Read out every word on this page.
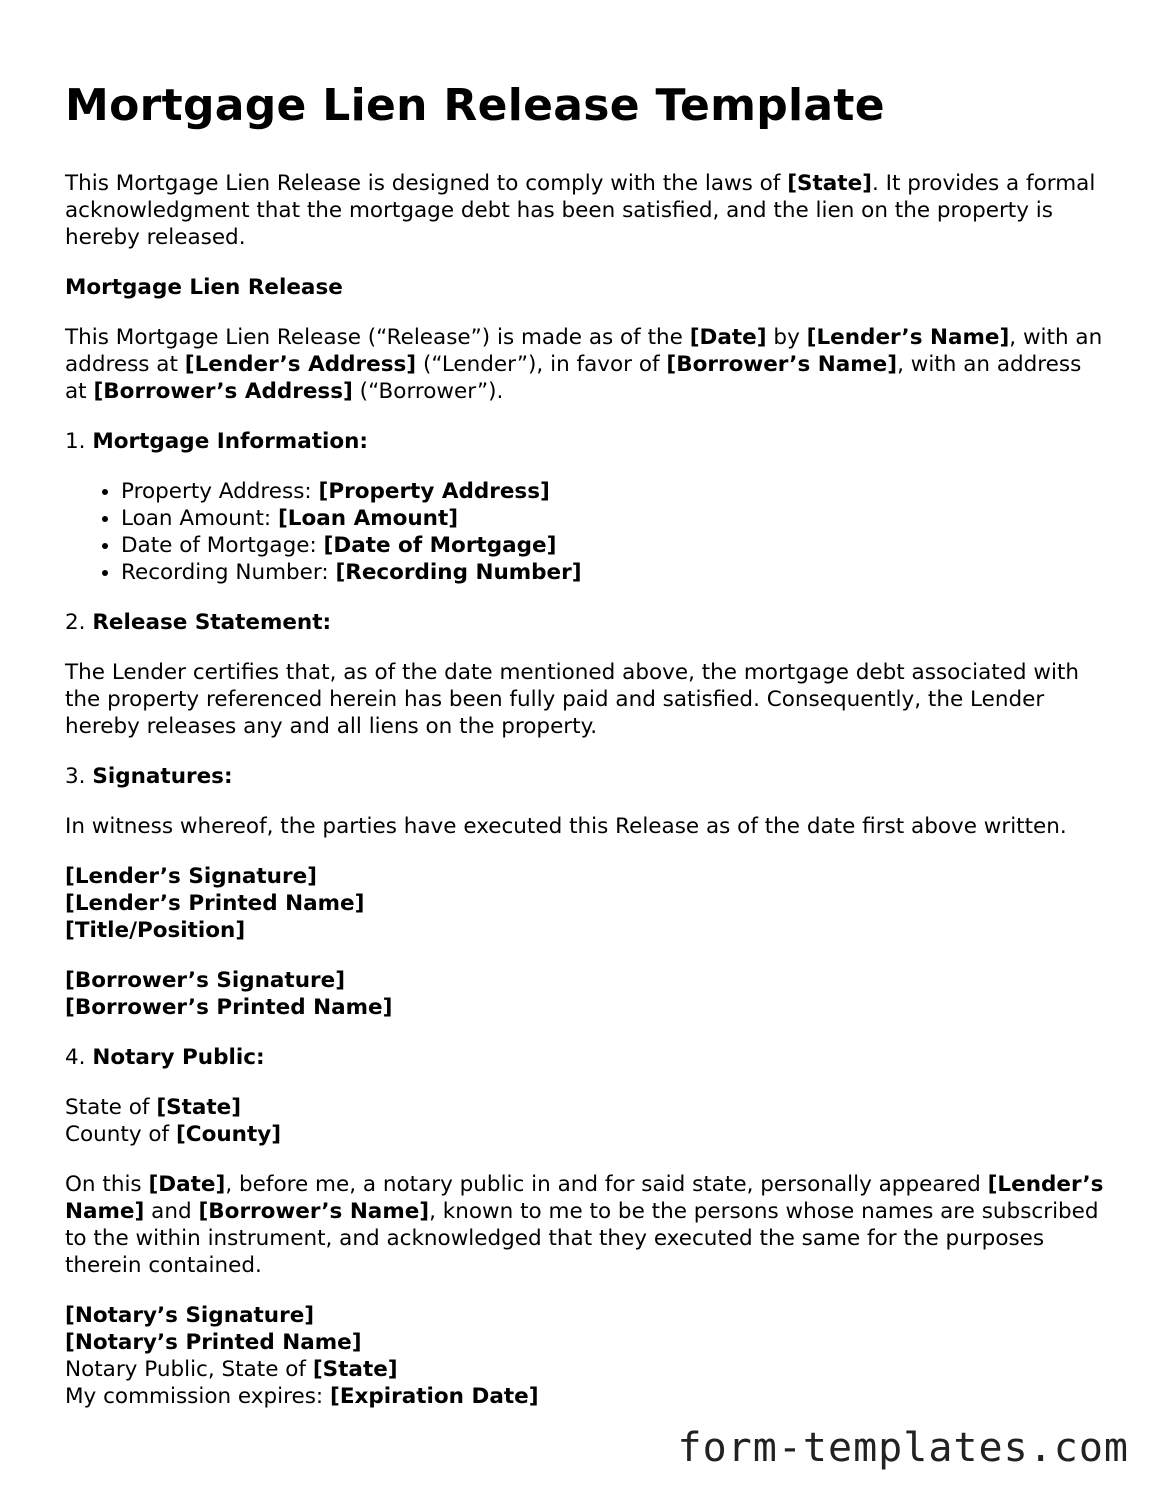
Mortgage Lien Release Template

This Mortgage Lien Release is designed to comply with the laws of [State]. It provides a formal acknowledgment that the mortgage debt has been satisfied, and the lien on the property is hereby released.

Mortgage Lien Release

This Mortgage Lien Release (“Release”) is made as of the [Date] by [Lender’s Name], with an address at [Lender’s Address] (“Lender”), in favor of [Borrower’s Name], with an address at [Borrower’s Address] (“Borrower”).

1. Mortgage Information:

• Property Address: [Property Address]
• Loan Amount: [Loan Amount]
• Date of Mortgage: [Date of Mortgage]
• Recording Number: [Recording Number]

2. Release Statement:

The Lender certifies that, as of the date mentioned above, the mortgage debt associated with the property referenced herein has been fully paid and satisfied. Consequently, the Lender hereby releases any and all liens on the property.

3. Signatures:

In witness whereof, the parties have executed this Release as of the date first above written.

[Lender’s Signature]

[Lender’s Printed Name]

[Title/Position]

[Borrower’s Signature]

[Borrower’s Printed Name]

4. Notary Public:

State of [State]

County of [County]

On this [Date], before me, a notary public in and for said state, personally appeared [Lender’s Name] and [Borrower’s Name], known to me to be the persons whose names are subscribed to the within instrument, and acknowledged that they executed the same for the purposes therein contained.

[Notary’s Signature]

[Notary’s Printed Name]

Notary Public, State of [State]

My commission expires: [Expiration Date]

form-templates.com
